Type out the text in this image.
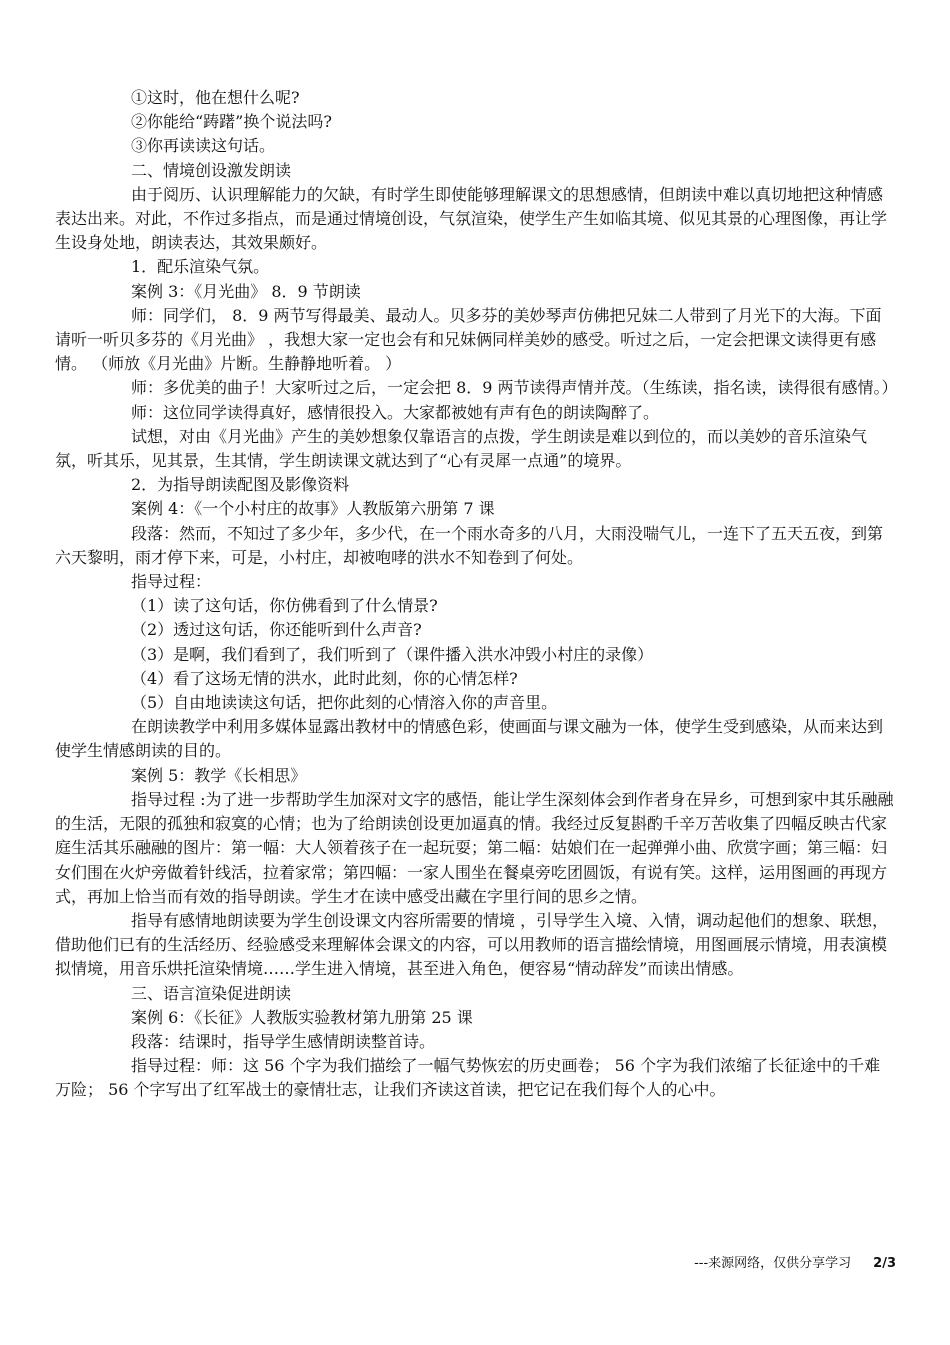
①这时，他在想什么呢?

②你能给“踌躇”换个说法吗?

③你再读读这句话。

二、情境创设激发朗读

由于阅历、认识理解能力的欠缺，有时学生即使能够理解课文的思想感情，但朗读中难以真切地把这种情感表达出来。对此，不作过多指点，而是通过情境创设，气氛渲染，使学生产生如临其境、似见其景的心理图像，再让学生设身处地，朗读表达，其效果颇好。

1．配乐渲染气氛。

案例 3：《月光曲》 8．9 节朗读

师：同学们， 8．9 两节写得最美、最动人。贝多芬的美妙琴声仿佛把兄妹二人带到了月光下的大海。下面请听一听贝多芬的《月光曲》 ，我想大家一定也会有和兄妹俩同样美妙的感受。听过之后，一定会把课文读得更有感情。 （师放《月光曲》片断。生静静地听着。 ）

师：多优美的曲子！大家听过之后，一定会把 8．9 两节读得声情并茂。（生练读，指名读，读得很有感情。）

师：这位同学读得真好，感情很投入。大家都被她有声有色的朗读陶醉了。

试想，对由《月光曲》产生的美妙想象仅靠语言的点拨，学生朗读是难以到位的，而以美妙的音乐渲染气氛，听其乐，见其景，生其情，学生朗读课文就达到了“心有灵犀一点通”的境界。

2．为指导朗读配图及影像资料

案例 4：《一个小村庄的故事》人教版第六册第 7 课

段落：然而，不知过了多少年，多少代，在一个雨水奇多的八月，大雨没喘气儿，一连下了五天五夜，到第六天黎明，雨才停下来，可是，小村庄，却被咆哮的洪水不知卷到了何处。

指导过程：

（1）读了这句话，你仿佛看到了什么情景?

（2）透过这句话，你还能听到什么声音?

（3）是啊，我们看到了，我们听到了（课件播入洪水冲毁小村庄的录像）

（4）看了这场无情的洪水，此时此刻，你的心情怎样?

（5）自由地读读这句话，把你此刻的心情溶入你的声音里。

在朗读教学中利用多媒体显露出教材中的情感色彩，使画面与课文融为一体，使学生受到感染，从而来达到使学生情感朗读的目的。

案例 5：教学《长相思》

指导过程 :为了进一步帮助学生加深对文字的感悟，能让学生深刻体会到作者身在异乡，可想到家中其乐融融的生活，无限的孤独和寂寞的心情；也为了给朗读创设更加逼真的情。我经过反复斟酌千辛万苦收集了四幅反映古代家庭生活其乐融融的图片：第一幅：大人领着孩子在一起玩耍；第二幅：姑娘们在一起弹弹小曲、欣赏字画；第三幅：妇女们围在火炉旁做着针线活，拉着家常；第四幅：一家人围坐在餐桌旁吃团圆饭，有说有笑。这样，运用图画的再现方式，再加上恰当而有效的指导朗读。学生才在读中感受出藏在字里行间的思乡之情。

指导有感情地朗读要为学生创设课文内容所需要的情境 ，引导学生入境、入情，调动起他们的想象、联想，借助他们已有的生活经历、经验感受来理解体会课文的内容，可以用教师的语言描绘情境，用图画展示情境，用表演模拟情境，用音乐烘托渲染情境……学生进入情境，甚至进入角色，便容易“情动辞发”而读出情感。

三、语言渲染促进朗读

案例 6：《长征》人教版实验教材第九册第 25 课

段落：结课时，指导学生感情朗读整首诗。

指导过程：师：这 56 个字为我们描绘了一幅气势恢宏的历史画卷； 56 个字为我们浓缩了长征途中的千难万险； 56 个字写出了红军战士的豪情壮志，让我们齐读这首读，把它记在我们每个人的心中。

---来源网络，仅供分享学习 2/3
